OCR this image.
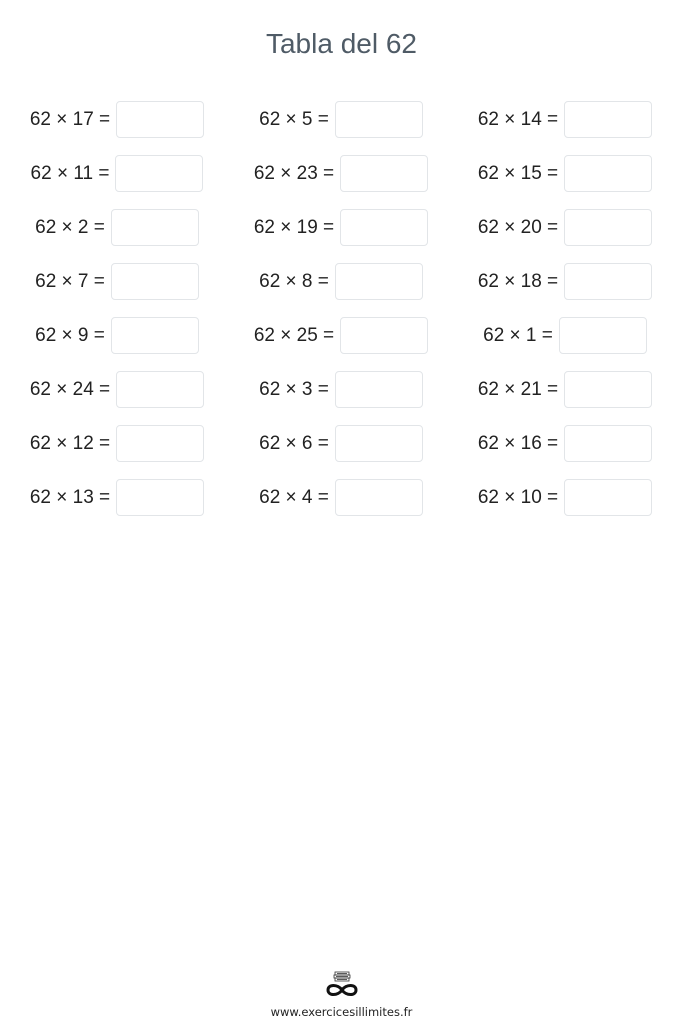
Tabla del 62
62 × 17 =	62 × 5 =	62 × 14 =
62 × 11 =	62 × 23 =	62 × 15 =
62 × 2 =	62 × 19 =	62 × 20 =
62 × 7 =	62 × 8 =	62 × 18 =
62 × 9 =	62 × 25 =	62 × 1 =
62 × 24 =	62 × 3 =	62 × 21 =
62 × 12 =	62 × 6 =	62 × 16 =
62 × 13 =	62 × 4 =	62 × 10 =
www.exercicesillimites.fr
